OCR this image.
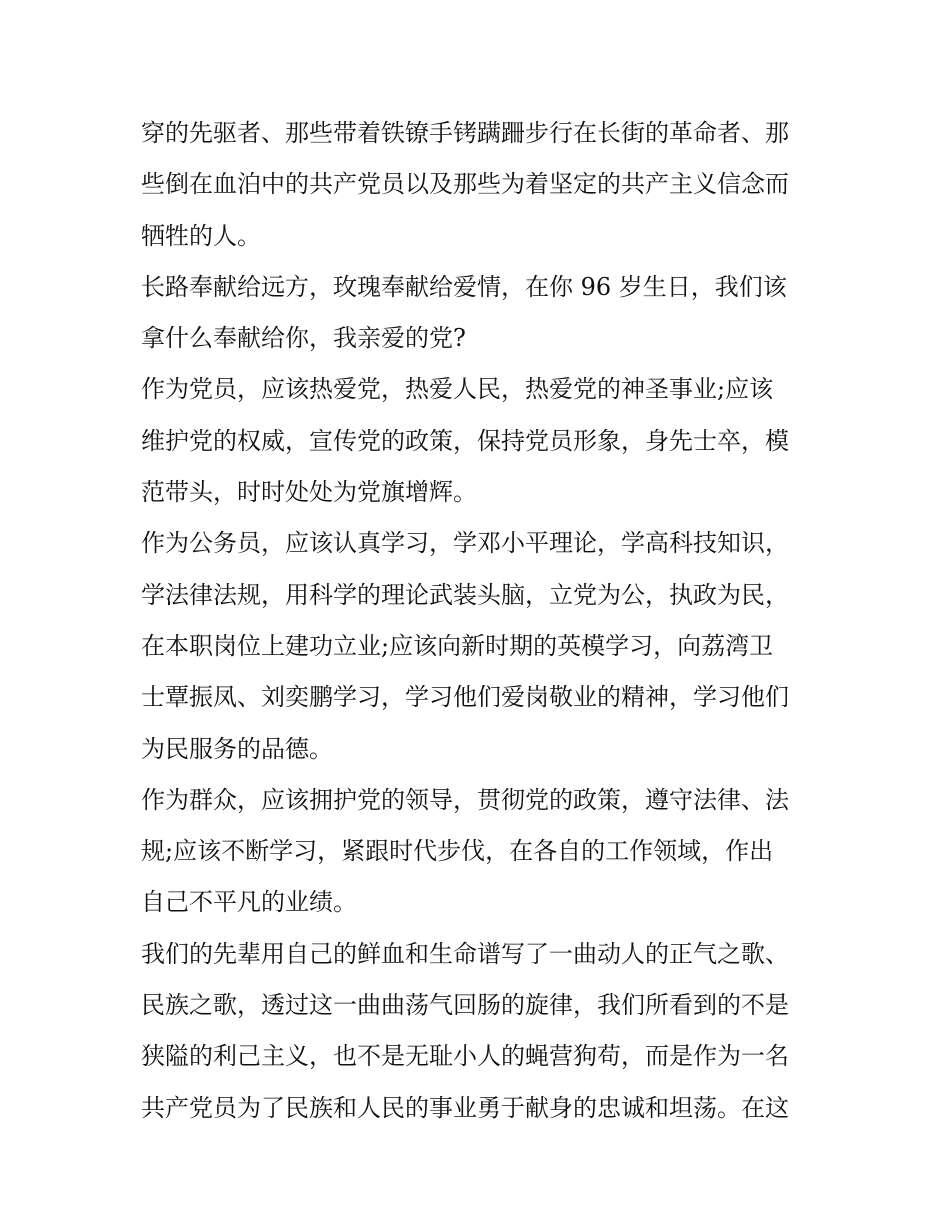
穿的先驱者、那些带着铁镣手铐蹒跚步行在长街的革命者、那
些倒在血泊中的共产党员以及那些为着坚定的共产主义信念而
牺牲的人。
长路奉献给远方，玫瑰奉献给爱情，在你 96 岁生日，我们该
拿什么奉献给你，我亲爱的党?
作为党员，应该热爱党，热爱人民，热爱党的神圣事业;应该
维护党的权威，宣传党的政策，保持党员形象，身先士卒，模
范带头，时时处处为党旗增辉。
作为公务员，应该认真学习，学邓小平理论，学高科技知识，
学法律法规，用科学的理论武装头脑，立党为公，执政为民，
在本职岗位上建功立业;应该向新时期的英模学习，向荔湾卫
士覃振凤、刘奕鹏学习，学习他们爱岗敬业的精神，学习他们
为民服务的品德。
作为群众，应该拥护党的领导，贯彻党的政策，遵守法律、法
规;应该不断学习，紧跟时代步伐，在各自的工作领域，作出
自己不平凡的业绩。
我们的先辈用自己的鲜血和生命谱写了一曲动人的正气之歌、
民族之歌，透过这一曲曲荡气回肠的旋律，我们所看到的不是
狭隘的利己主义，也不是无耻小人的蝇营狗苟，而是作为一名
共产党员为了民族和人民的事业勇于献身的忠诚和坦荡。在这
